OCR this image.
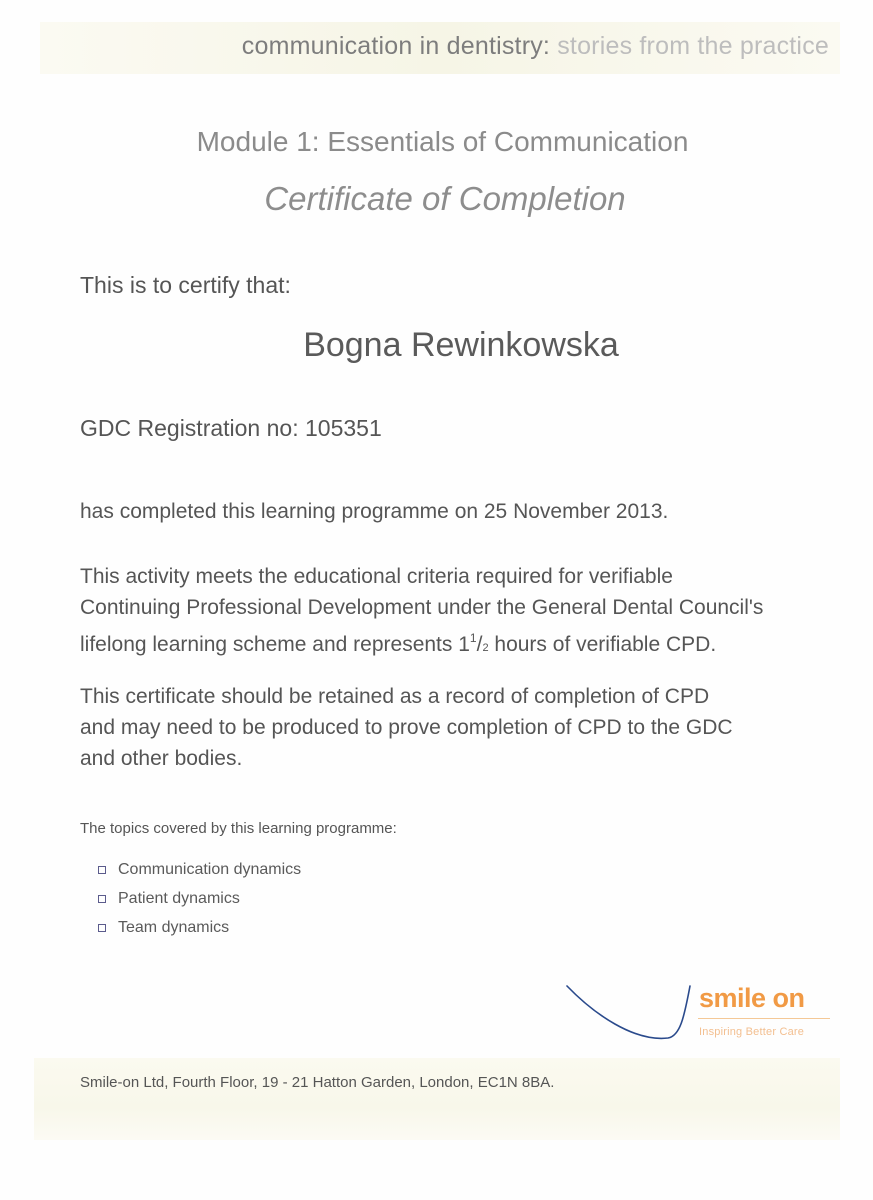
communication in dentistry: stories from the practice
Module 1: Essentials of Communication
Certificate of Completion

This is to certify that:

Bogna Rewinkowska

GDC Registration no: 105351

has completed this learning programme on 25 November 2013.

This activity meets the educational criteria required for verifiable
Continuing Professional Development under the General Dental Council's
lifelong learning scheme and represents $1^1/2$ hours of verifiable CPD.

This certificate should be retained as a record of completion of CPD
and may need to be produced to prove completion of CPD to the GDC
and other bodies.

The topics covered by this learning programme:

Communication dynamics
Patient dynamics
Team dynamics

smile on

Inspiring Better Care

Smile-on Ltd, Fourth Floor, 19 - 21 Hatton Garden, London, EC1N 8BA.
